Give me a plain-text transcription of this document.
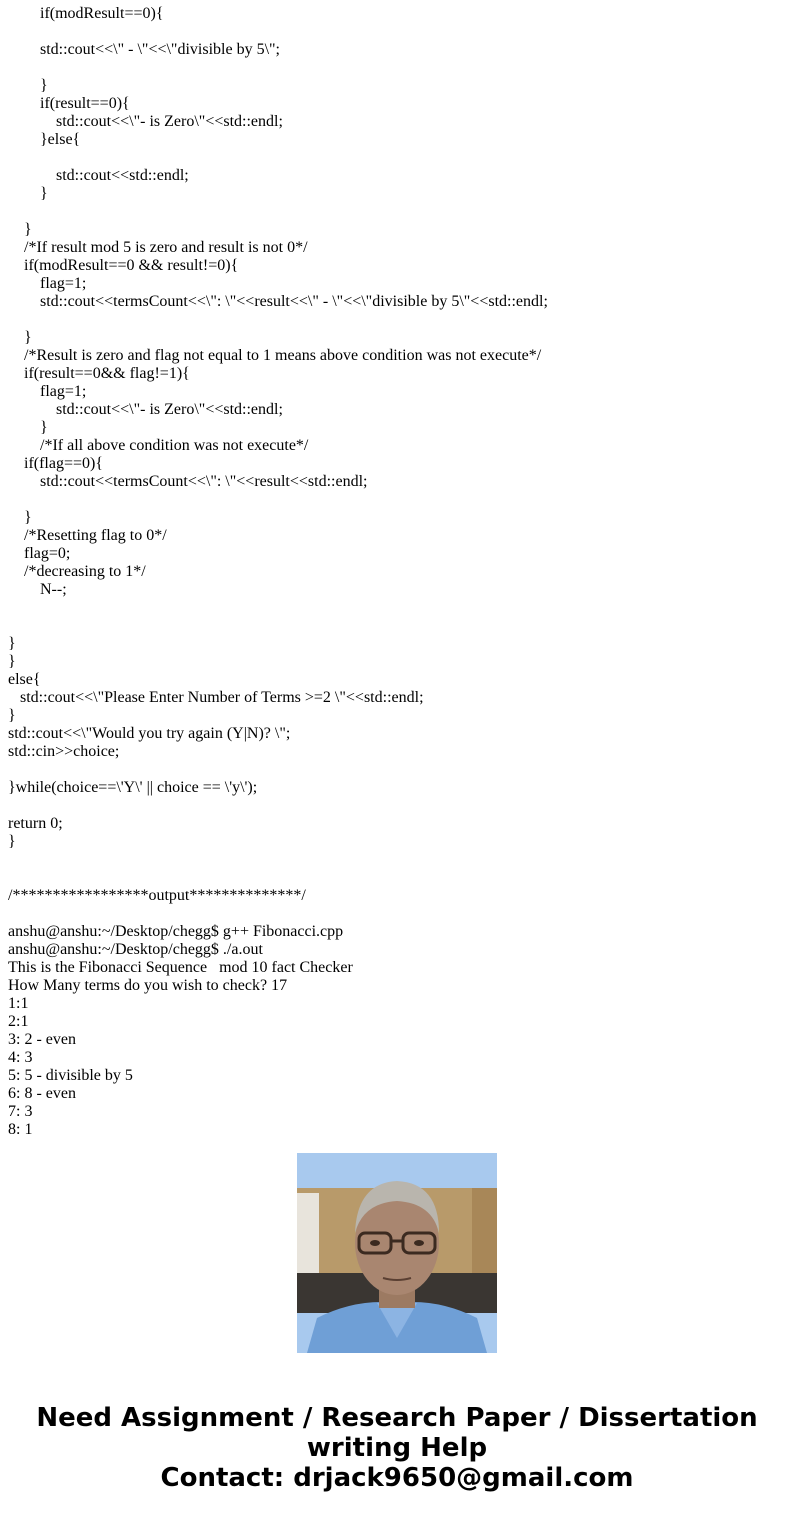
if(modResult==0){
std::cout<<\" - \"<<\"divisible by 5\";
}
if(result==0){
std::cout<<\"- is Zero\"<<std::endl;
}else{
std::cout<<std::endl;
}
}
/*If result mod 5 is zero and result is not 0*/
if(modResult==0 && result!=0){
flag=1;
std::cout<<termsCount<<\": \"<<result<<\" - \"<<\"divisible by 5\"<<std::endl;
}
/*Result is zero and flag not equal to 1 means above condition was not execute*/
if(result==0&& flag!=1){
flag=1;
std::cout<<\"- is Zero\"<<std::endl;
}
/*If all above condition was not execute*/
if(flag==0){
std::cout<<termsCount<<\": \"<<result<<std::endl;
}
/*Resetting flag to 0*/
flag=0;
/*decreasing to 1*/
N--;
}
}
else{
std::cout<<\"Please Enter Number of Terms >=2 \"<<std::endl;
}
std::cout<<\"Would you try again (Y|N)? \";
std::cin>>choice;
}while(choice==\'Y\' || choice == \'y\');
return 0;
}
/*****************output**************/
anshu@anshu:~/Desktop/chegg$ g++ Fibonacci.cpp
anshu@anshu:~/Desktop/chegg$ ./a.out
This is the Fibonacci Sequence   mod 10 fact Checker
How Many terms do you wish to check? 17
1:1
2:1
3: 2 - even
4: 3
5: 5 - divisible by 5
6: 8 - even
7: 3
8: 1
Need Assignment / Research Paper / Dissertation
writing Help
Contact: drjack9650@gmail.com
